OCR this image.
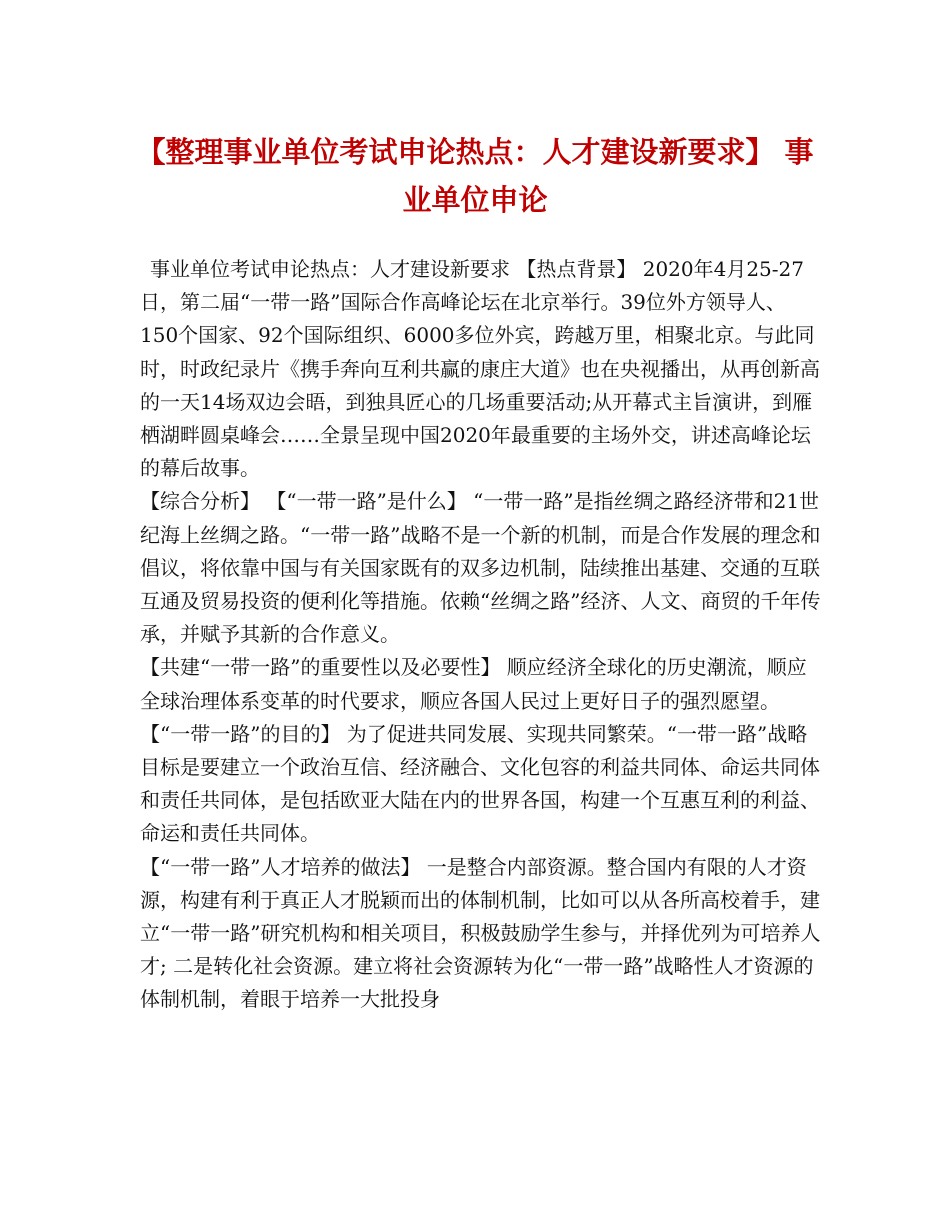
【整理事业单位考试申论热点：人才建设新要求】 事业单位申论

事业单位考试申论热点：人才建设新要求 【热点背景】 2020年4月25-27日，第二届“一带一路”国际合作高峰论坛在北京举行。39位外方领导人、150个国家、92个国际组织、6000多位外宾，跨越万里，相聚北京。与此同时，时政纪录片《携手奔向互利共赢的康庄大道》也在央视播出，从再创新高的一天14场双边会晤，到独具匠心的几场重要活动;从开幕式主旨演讲，到雁栖湖畔圆桌峰会……全景呈现中国2020年最重要的主场外交，讲述高峰论坛的幕后故事。

【综合分析】 【“一带一路”是什么】 “一带一路”是指丝绸之路经济带和21世纪海上丝绸之路。“一带一路”战略不是一个新的机制，而是合作发展的理念和倡议，将依靠中国与有关国家既有的双多边机制，陆续推出基建、交通的互联互通及贸易投资的便利化等措施。依赖“丝绸之路”经济、人文、商贸的千年传承，并赋予其新的合作意义。

【共建“一带一路”的重要性以及必要性】 顺应经济全球化的历史潮流，顺应全球治理体系变革的时代要求，顺应各国人民过上更好日子的强烈愿望。

【“一带一路”的目的】 为了促进共同发展、实现共同繁荣。“一带一路”战略目标是要建立一个政治互信、经济融合、文化包容的利益共同体、命运共同体和责任共同体，是包括欧亚大陆在内的世界各国，构建一个互惠互利的利益、命运和责任共同体。

【“一带一路”人才培养的做法】 一是整合内部资源。整合国内有限的人才资源，构建有利于真正人才脱颖而出的体制机制，比如可以从各所高校着手，建立“一带一路”研究机构和相关项目，积极鼓励学生参与，并择优列为可培养人才; 二是转化社会资源。建立将社会资源转为化“一带一路”战略性人才资源的体制机制，着眼于培养一大批投身
